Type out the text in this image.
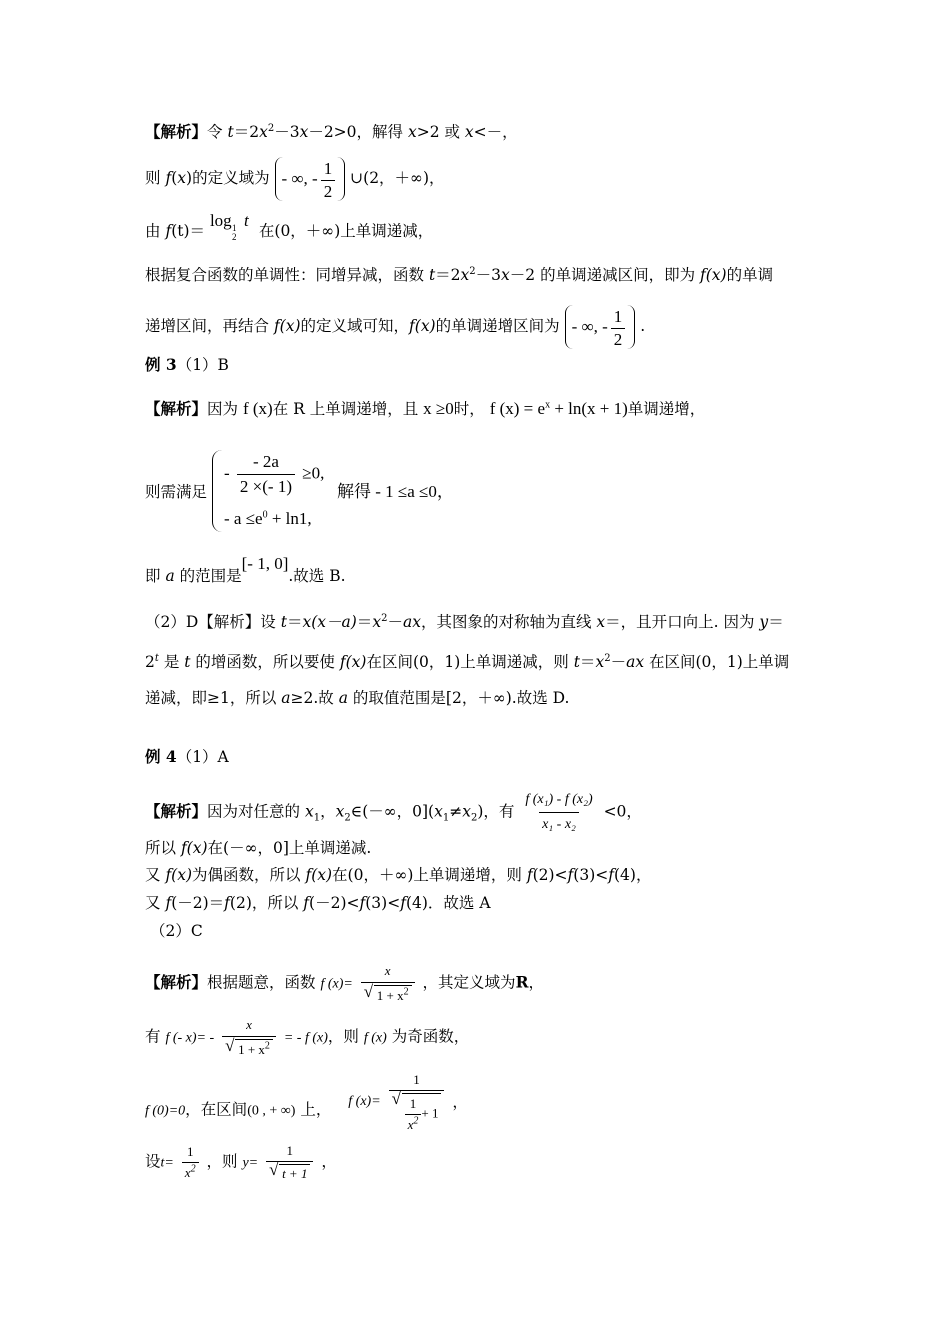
【解析】令 $t=2x^2-3x-2>0$，解得 x>2 或 x<－，
则 f(x)的定义域为 - ∞, - $\frac{1}{2}$ ∪(2，＋∞)，
由 f(t)＝
log 1
2
t
在(0，＋∞)上单调递减，
根据复合函数的单调性：同增异减，函数 $t=2x^2-3x-2$ 的单调递减区间，即为 f(x)的单调
递增区间，再结合 f(x)的定义域可知，f(x)的单调递增区间为 - ∞, - $\frac{1}{2}$ .
例 3（1）B
【解析】因为 f (x)在 R 上单调递增，且 x ≥0时， f $(x) = e^x + \ln(x + 1)$单调递增，
则需满足
- $\frac{- 2a}{2 \times(- 1)} \ge 0$,
- $a \le e^0 + \ln 1$,
解得 - 1 ≤a ≤0，
即 a 的范围是[- 1, 0].故选 B.
（2）D【解析】设 $t=x(x-a)=x^2-ax$，其图象的对称轴为直线 x＝，且开口向上. 因为 y＝
$2^t$ 是 t 的增函数，所以要使 f(x)在区间(0，1)上单调递减，则 $t=x^2-ax$ 在区间(0，1)上单调
递减，即≥1，所以 a≥2.故 a 的取值范围是[2，＋∞).故选 D.
例 4（1）A
【解析】因为对任意的 $x_1$，$x_2\in(-\infty$，$0](x_1\ne x_2)$，有 $\frac{\text{f (x₁) - f (x₂)}}{\text{x₁ - x₂}} <0$，
所以 f(x)在(－∞，0]上单调递减.
又 f(x)为偶函数，所以 f(x)在(0，＋∞)上单调递增，则 f(2)<f(3)<f(4)，
又 f(－2)＝f(2)，所以 f(－2)<f(3)<f(4)．故选 A
（2）C
【解析】根据题意，函数 f (x)= x
√ $1 + x^2$ ，其定义域为R，
有 f (- x)= - x
√ $1 + x^2$ = - f (x)，则 f (x) 为奇函数，
f (0)=0，在区间(0 , + ∞) 上， f (x)= 1
√ $\frac{1}{x^2} + 1$ ，
设$t= \frac{1}{x^2}$ ，则 y= 1
√ t + 1 ，
